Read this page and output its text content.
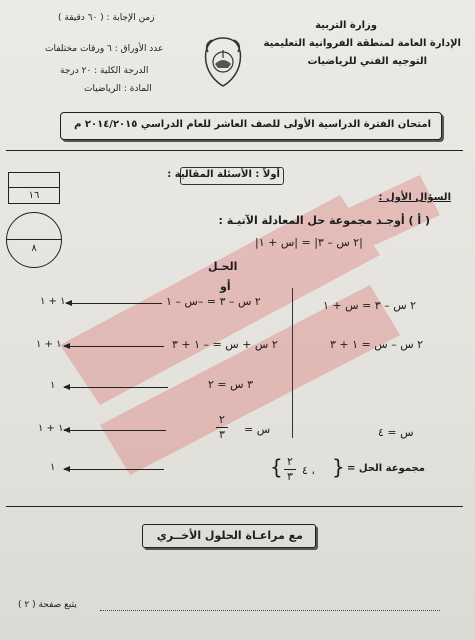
وزارة التربية
الإدارة العامة لمنطقة الفروانية التعليمية
التوجيه الفني للرياضيات
زمن الإجابة : ( ٦٠ دقيقة )
عدد الأوراق : ٦ ورقات مختلفات
الدرجة الكلية : ٢٠ درجة
المادة : الرياضيات
امتحان الفترة الدراسية الأولى للصف العاشر للعام الدراسي ٢٠١٤/٢٠١٥ م
١٦
٨
أولاً : الأسئلة المقالية :
السؤال الأول :
( أ ) أوجـد مجموعة حل المعادلة الآتيـة :
|٢ س – ٣| = |س + ١|
الحـل
أو
٢ س – ٣ = –س – ١
٢ س + س = – ١ + ٣
٣ س = ٢
س =
٢
٣
٢ س – ٣ = س + ١
٢ س – س = ١ + ٣
س = ٤
١ + ١
١ + ١
١
١ + ١
١	مجموعة الحل =
{ ٢
٣ ، ٤ }
مع مراعـاة الحلول الأخــري
يتبع صفحة ( ٢ )
